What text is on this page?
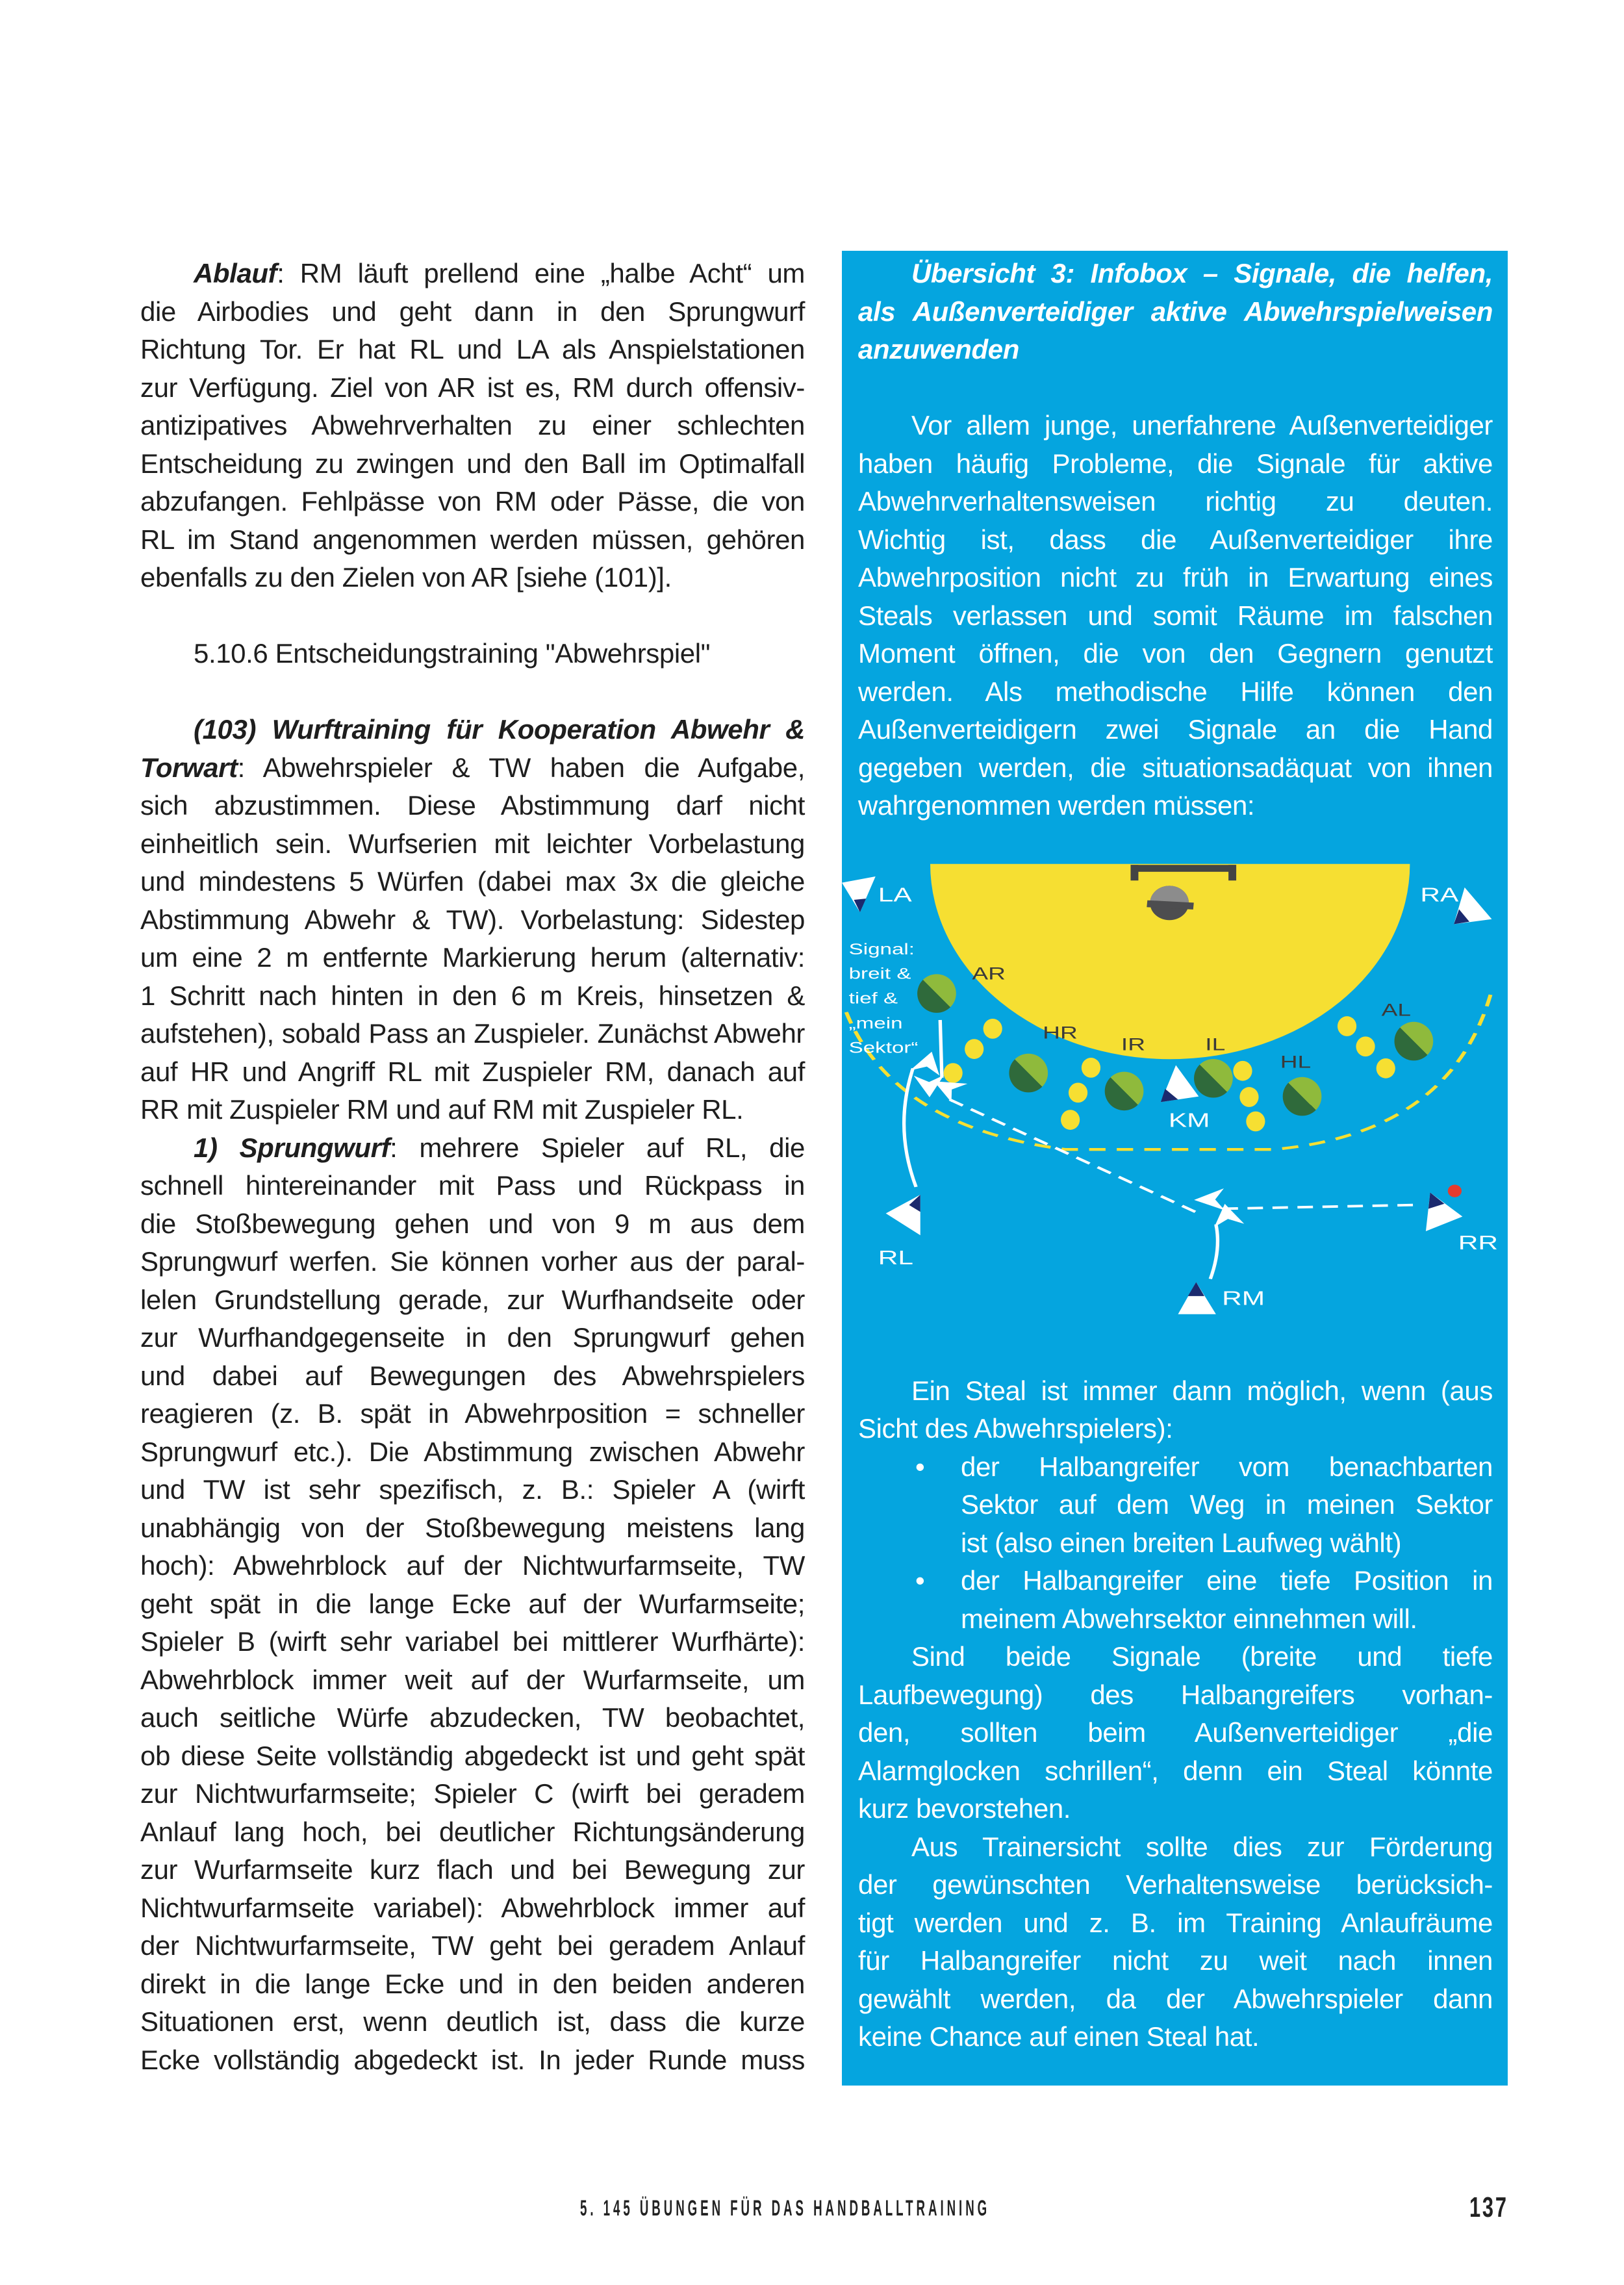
Ablauf: RM läuft prellend eine „halbe Acht“ um
die Airbodies und geht dann in den Sprungwurf
Richtung Tor. Er hat RL und LA als Anspielstationen
zur Verfügung. Ziel von AR ist es, RM durch offensiv-
antizipatives Abwehrverhalten zu einer schlechten
Entscheidung zu zwingen und den Ball im Optimalfall
abzufangen. Fehlpässe von RM oder Pässe, die von
RL im Stand angenommen werden müssen, gehören
ebenfalls zu den Zielen von AR [siehe (101)].

5.10.6 Entscheidungstraining "Abwehrspiel"

(103) Wurftraining für Kooperation Abwehr &
Torwart: Abwehrspieler & TW haben die Aufgabe,
sich abzustimmen. Diese Abstimmung darf nicht
einheitlich sein. Wurfserien mit leichter Vorbelastung
und mindestens 5 Würfen (dabei max 3x die gleiche
Abstimmung Abwehr & TW). Vorbelastung: Sidestep
um eine 2 m entfernte Markierung herum (alternativ:
1 Schritt nach hinten in den 6 m Kreis, hinsetzen &
aufstehen), sobald Pass an Zuspieler. Zunächst Abwehr
auf HR und Angriff RL mit Zuspieler RM, danach auf
RR mit Zuspieler RM und auf RM mit Zuspieler RL.
1) Sprungwurf: mehrere Spieler auf RL, die
schnell hintereinander mit Pass und Rückpass in
die Stoßbewegung gehen und von 9 m aus dem
Sprungwurf werfen. Sie können vorher aus der paral-
lelen Grundstellung gerade, zur Wurfhandseite oder
zur Wurfhandgegenseite in den Sprungwurf gehen
und dabei auf Bewegungen des Abwehrspielers
reagieren (z. B. spät in Abwehrposition = schneller
Sprungwurf etc.). Die Abstimmung zwischen Abwehr
und TW ist sehr spezifisch, z. B.: Spieler A (wirft
unabhängig von der Stoßbewegung meistens lang
hoch): Abwehrblock auf der Nichtwurfarmseite, TW
geht spät in die lange Ecke auf der Wurfarmseite;
Spieler B (wirft sehr variabel bei mittlerer Wurfhärte):
Abwehrblock immer weit auf der Wurfarmseite, um
auch seitliche Würfe abzudecken, TW beobachtet,
ob diese Seite vollständig abgedeckt ist und geht spät
zur Nichtwurfarmseite; Spieler C (wirft bei geradem
Anlauf lang hoch, bei deutlicher Richtungsänderung
zur Wurfarmseite kurz flach und bei Bewegung zur
Nichtwurfarmseite variabel): Abwehrblock immer auf
der Nichtwurfarmseite, TW geht bei geradem Anlauf
direkt in die lange Ecke und in den beiden anderen
Situationen erst, wenn deutlich ist, dass die kurze
Ecke vollständig abgedeckt ist. In jeder Runde muss
Übersicht 3: Infobox – Signale, die helfen,
als Außenverteidiger aktive Abwehrspielweisen
anzuwenden

Vor allem junge, unerfahrene Außenverteidiger
haben häufig Probleme, die Signale für aktive
Abwehrverhaltensweisen richtig zu deuten.
Wichtig ist, dass die Außenverteidiger ihre
Abwehrposition nicht zu früh in Erwartung eines
Steals verlassen und somit Räume im falschen
Moment öffnen, die von den Gegnern genutzt
werden. Als methodische Hilfe können den
Außenverteidigern zwei Signale an die Hand
gegeben werden, die situationsadäquat von ihnen
wahrgenommen werden müssen:
Ein Steal ist immer dann möglich, wenn (aus
Sicht des Abwehrspielers):
• der Halbangreifer vom benachbarten
Sektor auf dem Weg in meinen Sektor
ist (also einen breiten Laufweg wählt)
• der Halbangreifer eine tiefe Position in
meinem Abwehrsektor einnehmen will.
Sind beide Signale (breite und tiefe
Laufbewegung) des Halbangreifers vorhan-
den, sollten beim Außenverteidiger „die
Alarmglocken schrillen“, denn ein Steal könnte
kurz bevorstehen.
Aus Trainersicht sollte dies zur Förderung
der gewünschten Verhaltensweise berücksich-
tigt werden und z. B. im Training Anlaufräume
für Halbangreifer nicht zu weit nach innen
gewählt werden, da der Abwehrspieler dann
keine Chance auf einen Steal hat.
AR
HR
IR IL
HL
AL
LA	RA
KM
RL
RR
RM
Signal:
breit &
tief &
„mein
Sektor“
5. 145 ÜBUNGEN FÜR DAS HANDBALLTRAINING	137
